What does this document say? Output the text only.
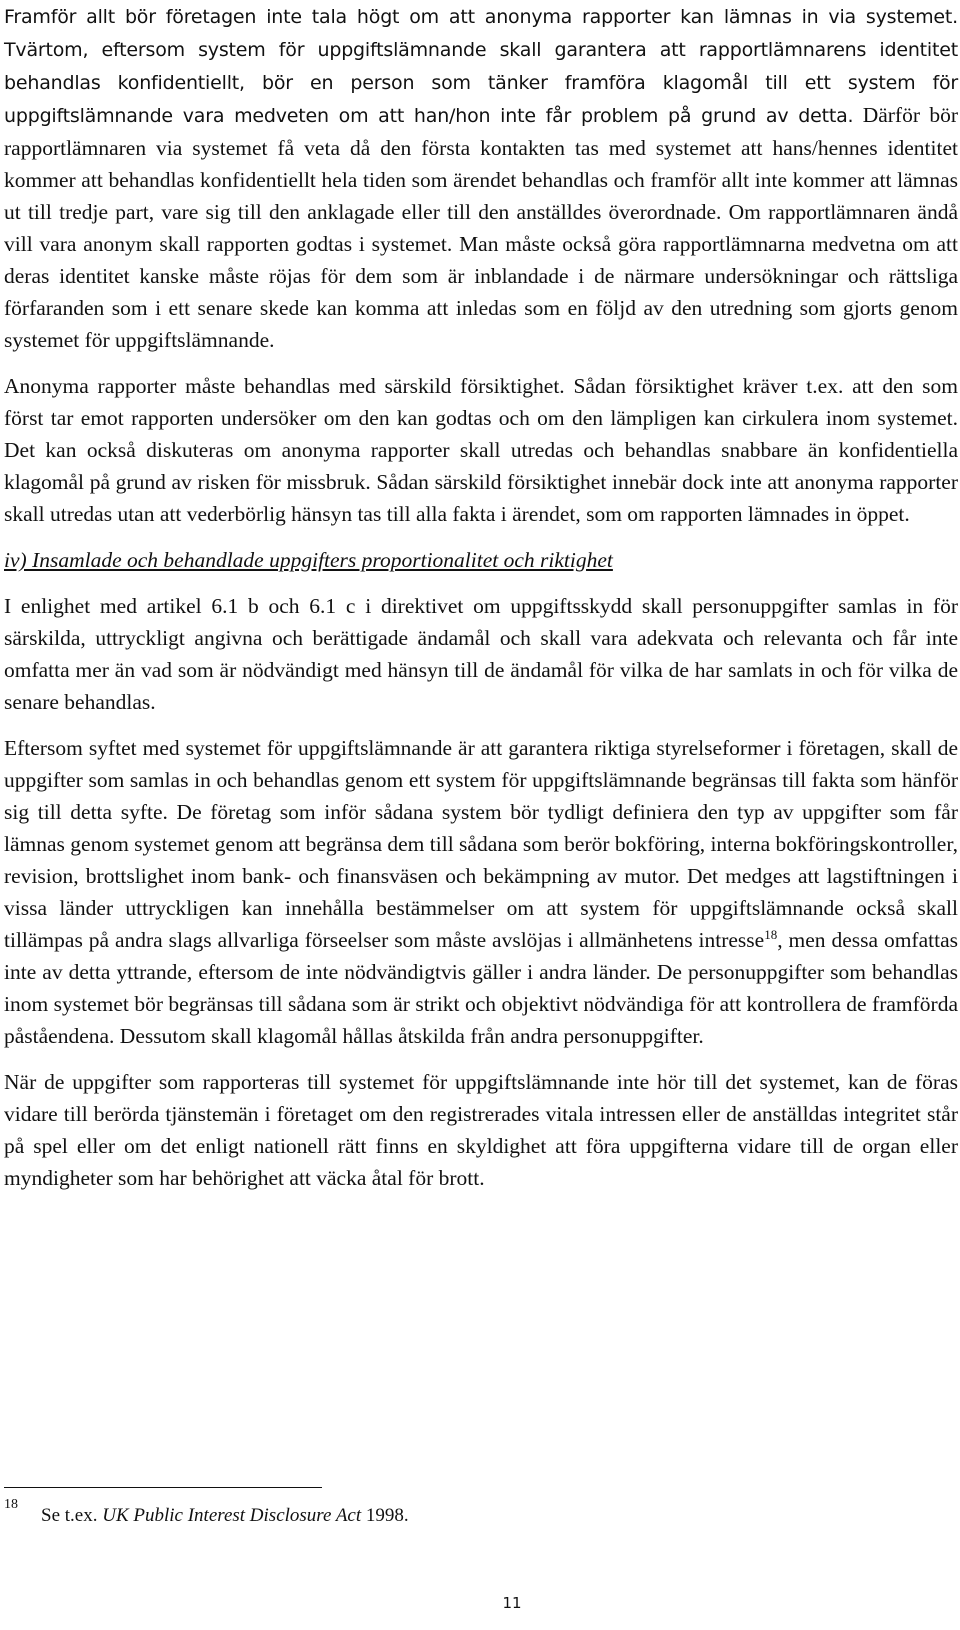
Framför allt bör företagen inte tala högt om att anonyma rapporter kan lämnas in via systemet. Tvärtom, eftersom system för uppgiftslämnande skall garantera att rapportlämnarens identitet behandlas konfidentiellt, bör en person som tänker framföra klagomål till ett system för uppgiftslämnande vara medveten om att han/hon inte får problem på grund av detta. Därför bör rapportlämnaren via systemet få veta då den första kontakten tas med systemet att hans/hennes identitet kommer att behandlas konfidentiellt hela tiden som ärendet behandlas och framför allt inte kommer att lämnas ut till tredje part, vare sig till den anklagade eller till den anställdes överordnade. Om rapportlämnaren ändå vill vara anonym skall rapporten godtas i systemet. Man måste också göra rapportlämnarna medvetna om att deras identitet kanske måste röjas för dem som är inblandade i de närmare undersökningar och rättsliga förfaranden som i ett senare skede kan komma att inledas som en följd av den utredning som gjorts genom systemet för uppgiftslämnande.

Anonyma rapporter måste behandlas med särskild försiktighet. Sådan försiktighet kräver t.ex. att den som först tar emot rapporten undersöker om den kan godtas och om den lämpligen kan cirkulera inom systemet. Det kan också diskuteras om anonyma rapporter skall utredas och behandlas snabbare än konfidentiella klagomål på grund av risken för missbruk. Sådan särskild försiktighet innebär dock inte att anonyma rapporter skall utredas utan att vederbörlig hänsyn tas till alla fakta i ärendet, som om rapporten lämnades in öppet.

iv) Insamlade och behandlade uppgifters proportionalitet och riktighet

I enlighet med artikel 6.1 b och 6.1 c i direktivet om uppgiftsskydd skall personuppgifter samlas in för särskilda, uttryckligt angivna och berättigade ändamål och skall vara adekvata och relevanta och får inte omfatta mer än vad som är nödvändigt med hänsyn till de ändamål för vilka de har samlats in och för vilka de senare behandlas.

Eftersom syftet med systemet för uppgiftslämnande är att garantera riktiga styrelseformer i företagen, skall de uppgifter som samlas in och behandlas genom ett system för uppgiftslämnande begränsas till fakta som hänför sig till detta syfte. De företag som inför sådana system bör tydligt definiera den typ av uppgifter som får lämnas genom systemet genom att begränsa dem till sådana som berör bokföring, interna bokföringskontroller, revision, brottslighet inom bank- och finansväsen och bekämpning av mutor. Det medges att lagstiftningen i vissa länder uttryckligen kan innehålla bestämmelser om att system för uppgiftslämnande också skall tillämpas på andra slags allvarliga förseelser som måste avslöjas i allmänhetens intresse$^{18}$, men dessa omfattas inte av detta yttrande, eftersom de inte nödvändigtvis gäller i andra länder. De personuppgifter som behandlas inom systemet bör begränsas till sådana som är strikt och objektivt nödvändiga för att kontrollera de framförda påståendena. Dessutom skall klagomål hållas åtskilda från andra personuppgifter.

När de uppgifter som rapporteras till systemet för uppgiftslämnande inte hör till det systemet, kan de föras vidare till berörda tjänstemän i företaget om den registrerades vitala intressen eller de anställdas integritet står på spel eller om det enligt nationell rätt finns en skyldighet att föra uppgifterna vidare till de organ eller myndigheter som har behörighet att väcka åtal för brott.

18
Se t.ex. UK Public Interest Disclosure Act 1998.
11
